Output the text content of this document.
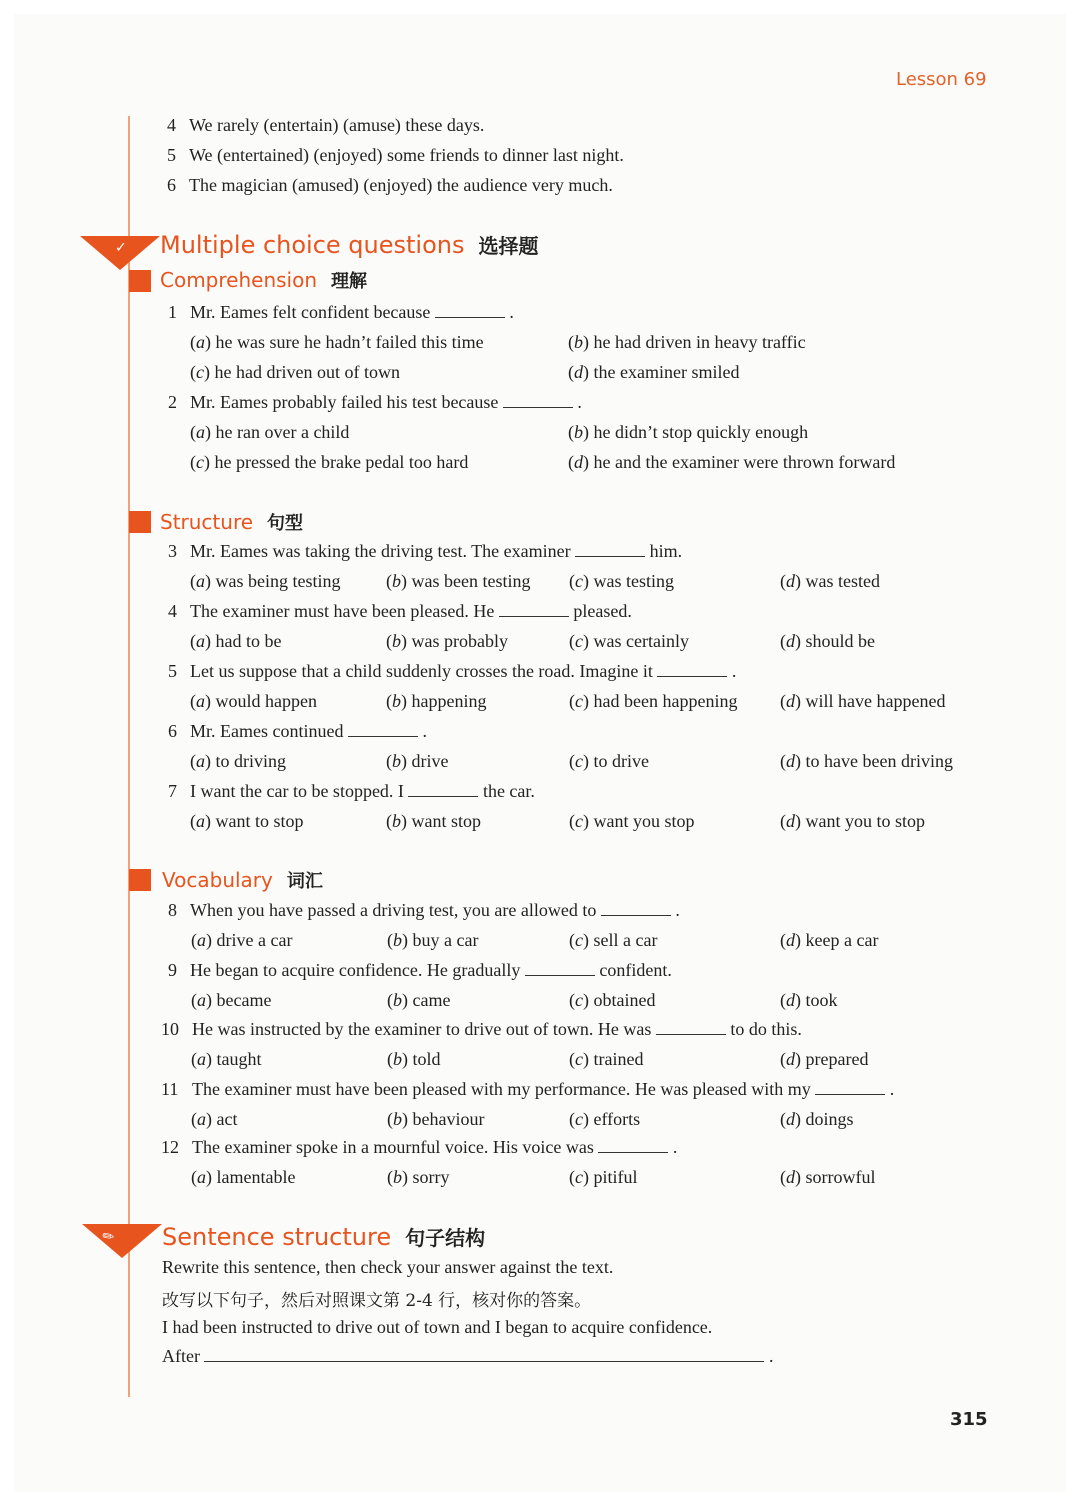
Lesson 69
4 We rarely (entertain) (amuse) these days.
5 We (entertained) (enjoyed) some friends to dinner last night.
6 The magician (amused) (enjoyed) the audience very much.
✓ Multiple choice questions 选择题
Comprehension 理解
1 Mr. Eames felt confident because	.
(a) he was sure he hadn’t failed this time	(b) he had driven in heavy traffic
(c) he had driven out of town	(d) the examiner smiled
2 Mr. Eames probably failed his test because	.
(a) he ran over a child	(b) he didn’t stop quickly enough
(c) he pressed the brake pedal too hard	(d) he and the examiner were thrown forward
Structure 句型
3 Mr. Eames was taking the driving test. The examiner	him.
(a) was being testing	(b) was been testing (c) was testing	(d) was tested
4 The examiner must have been pleased. He	pleased.
(a) had to be	(b) was probably	(c) was certainly	(d) should be
5 Let us suppose that a child suddenly crosses the road. Imagine it	.
(a) would happen	(b) happening	(c) had been happening (d) will have happened
6 Mr. Eames continued	.
(a) to driving	(b) drive	(c) to drive	(d) to have been driving
7 I want the car to be stopped. I	the car.
(a) want to stop	(b) want stop	(c) want you stop	(d) want you to stop
Vocabulary 词汇
8 When you have passed a driving test, you are allowed to	.
(a) drive a car	(b) buy a car	(c) sell a car	(d) keep a car
9 He began to acquire confidence. He gradually	confident.
(a) became	(b) came	(c) obtained	(d) took
10 He was instructed by the examiner to drive out of town. He was	to do this.
(a) taught	(b) told	(c) trained	(d) prepared
11 The examiner must have been pleased with my performance. He was pleased with my	.
(a) act	(b) behaviour	(c) efforts	(d) doings
12 The examiner spoke in a mournful voice. His voice was	.
(a) lamentable	(b) sorry	(c) pitiful	(d) sorrowful
✎ Sentence structure 句子结构
Rewrite this sentence, then check your answer against the text.
改写以下句子，然后对照课文第 2-4 行，核对你的答案。
I had been instructed to drive out of town and I began to acquire confidence.
After	.
315
